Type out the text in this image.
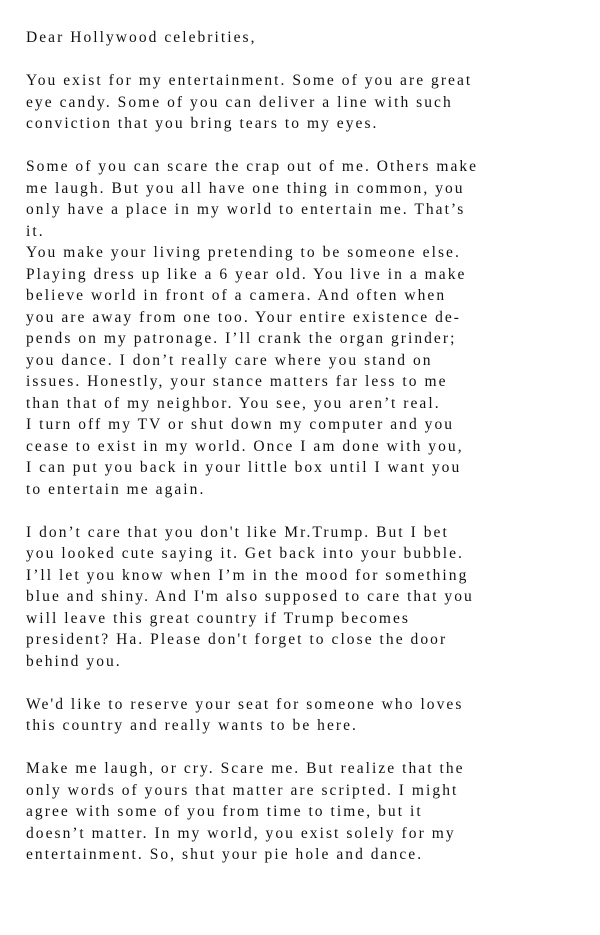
Dear Hollywood celebrities,
You exist for my entertainment. Some of you are great
eye candy. Some of you can deliver a line with such
conviction that you bring tears to my eyes.
Some of you can scare the crap out of me. Others make
me laugh. But you all have one thing in common, you
only have a place in my world to entertain me. That’s
it.
You make your living pretending to be someone else.
Playing dress up like a 6 year old. You live in a make
believe world in front of a camera. And often when
you are away from one too. Your entire existence de-
pends on my patronage. I’ll crank the organ grinder;
you dance. I don’t really care where you stand on
issues. Honestly, your stance matters far less to me
than that of my neighbor. You see, you aren’t real.
I turn off my TV or shut down my computer and you
cease to exist in my world. Once I am done with you,
I can put you back in your little box until I want you
to entertain me again.
I don’t care that you don't like Mr.Trump. But I bet
you looked cute saying it. Get back into your bubble.
I’ll let you know when I’m in the mood for something
blue and shiny. And I'm also supposed to care that you
will leave this great country if Trump becomes
president? Ha. Please don't forget to close the door
behind you.
We'd like to reserve your seat for someone who loves
this country and really wants to be here.
Make me laugh, or cry. Scare me. But realize that the
only words of yours that matter are scripted. I might
agree with some of you from time to time, but it
doesn’t matter. In my world, you exist solely for my
entertainment. So, shut your pie hole and dance.
